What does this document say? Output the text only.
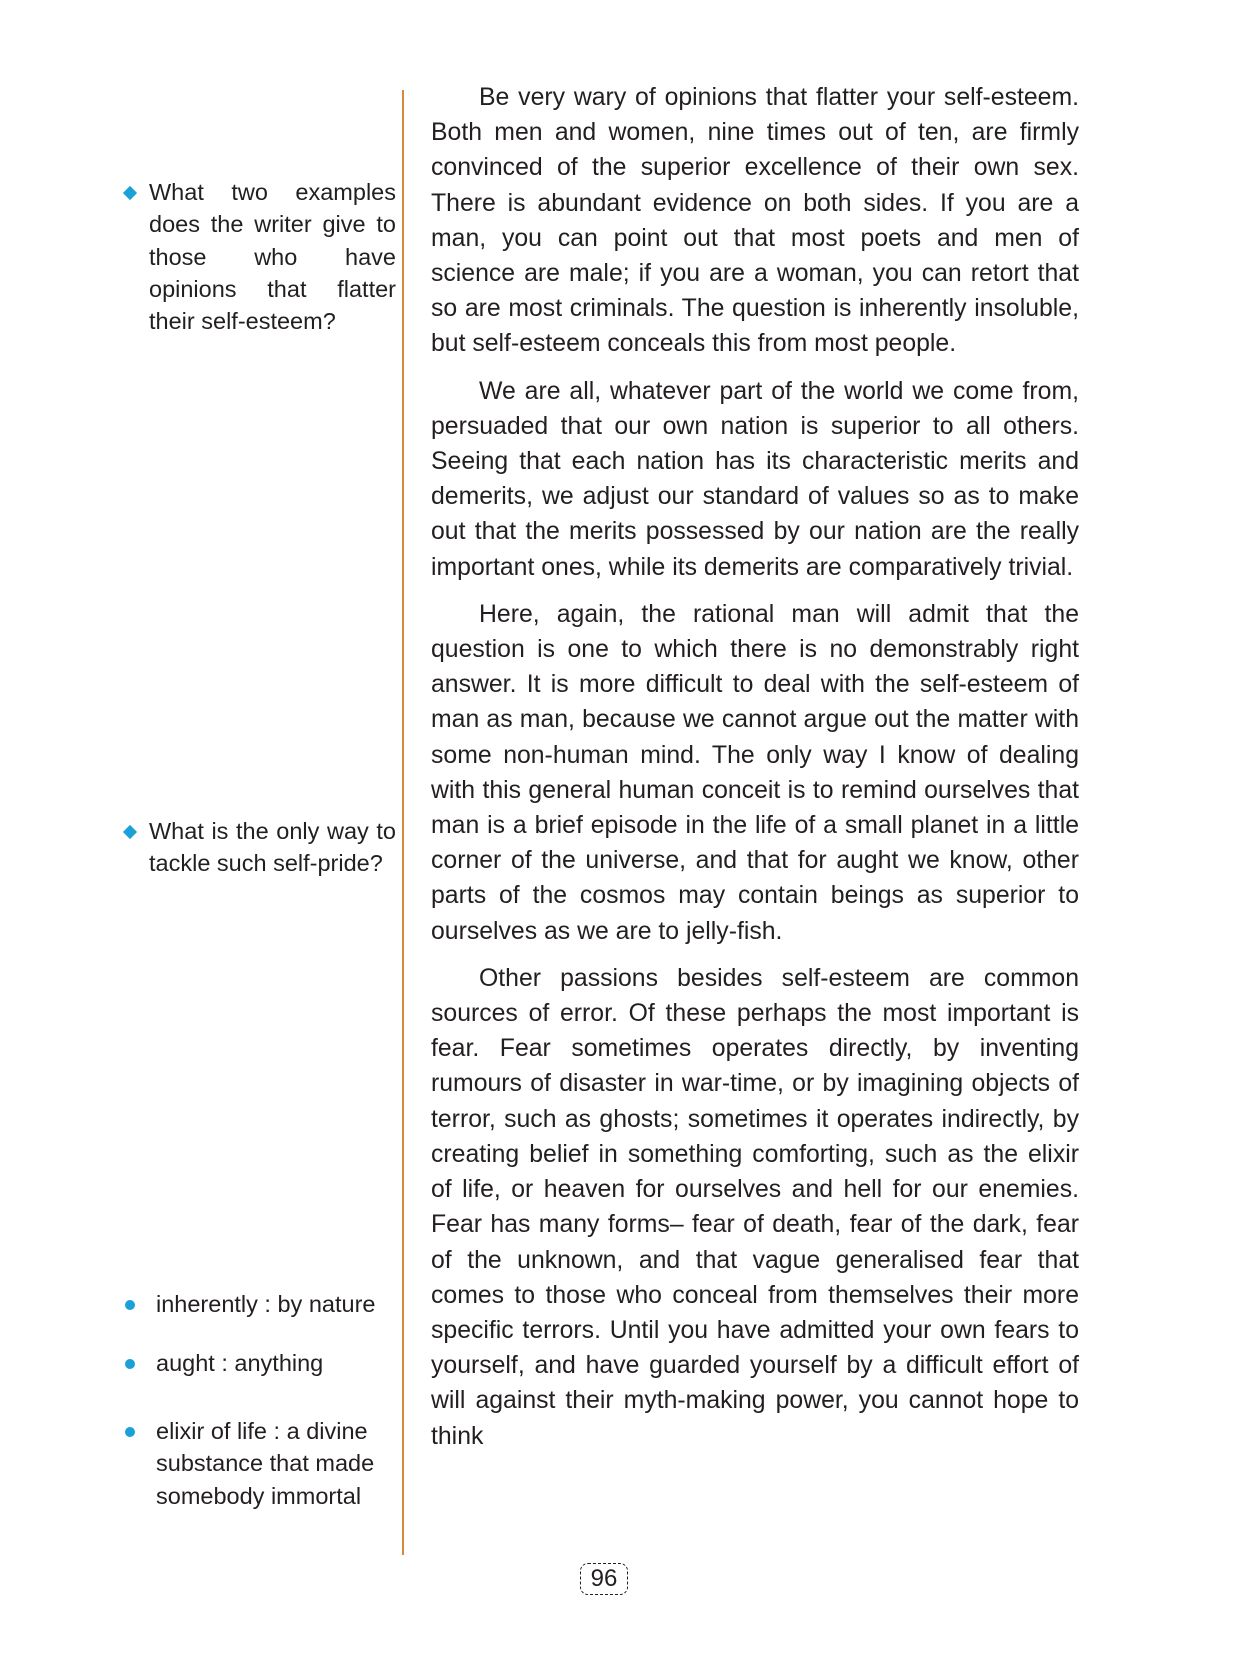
What two examples does the writer give to those who have opinions that flatter their self-esteem?
What is the only way to tackle such self-pride?
inherently : by nature
aught : anything
elixir of life : a divine substance that made somebody immortal

Be very wary of opinions that flatter your self-esteem. Both men and women, nine times out of ten, are firmly convinced of the superior excellence of their own sex. There is abundant evidence on both sides. If you are a man, you can point out that most poets and men of science are male; if you are a woman, you can retort that so are most criminals. The question is inherently insoluble, but self-esteem conceals this from most people.

We are all, whatever part of the world we come from, persuaded that our own nation is superior to all others. Seeing that each nation has its characteristic merits and demerits, we adjust our standard of values so as to make out that the merits possessed by our nation are the really important ones, while its demerits are comparatively trivial.

Here, again, the rational man will admit that the question is one to which there is no demonstrably right answer. It is more difficult to deal with the self-esteem of man as man, because we cannot argue out the matter with some non-human mind. The only way I know of dealing with this general human conceit is to remind ourselves that man is a brief episode in the life of a small planet in a little corner of the universe, and that for aught we know, other parts of the cosmos may contain beings as superior to ourselves as we are to jelly-fish.

Other passions besides self-esteem are common sources of error. Of these perhaps the most important is fear. Fear sometimes operates directly, by inventing rumours of disaster in war-time, or by imagining objects of terror, such as ghosts; sometimes it operates indirectly, by creating belief in something comforting, such as the elixir of life, or heaven for ourselves and hell for our enemies. Fear has many forms– fear of death, fear of the dark, fear of the unknown, and that vague generalised fear that comes to those who conceal from themselves their more specific terrors. Until you have admitted your own fears to yourself, and have guarded yourself by a difficult effort of will against their myth-making power, you cannot hope to think

96
